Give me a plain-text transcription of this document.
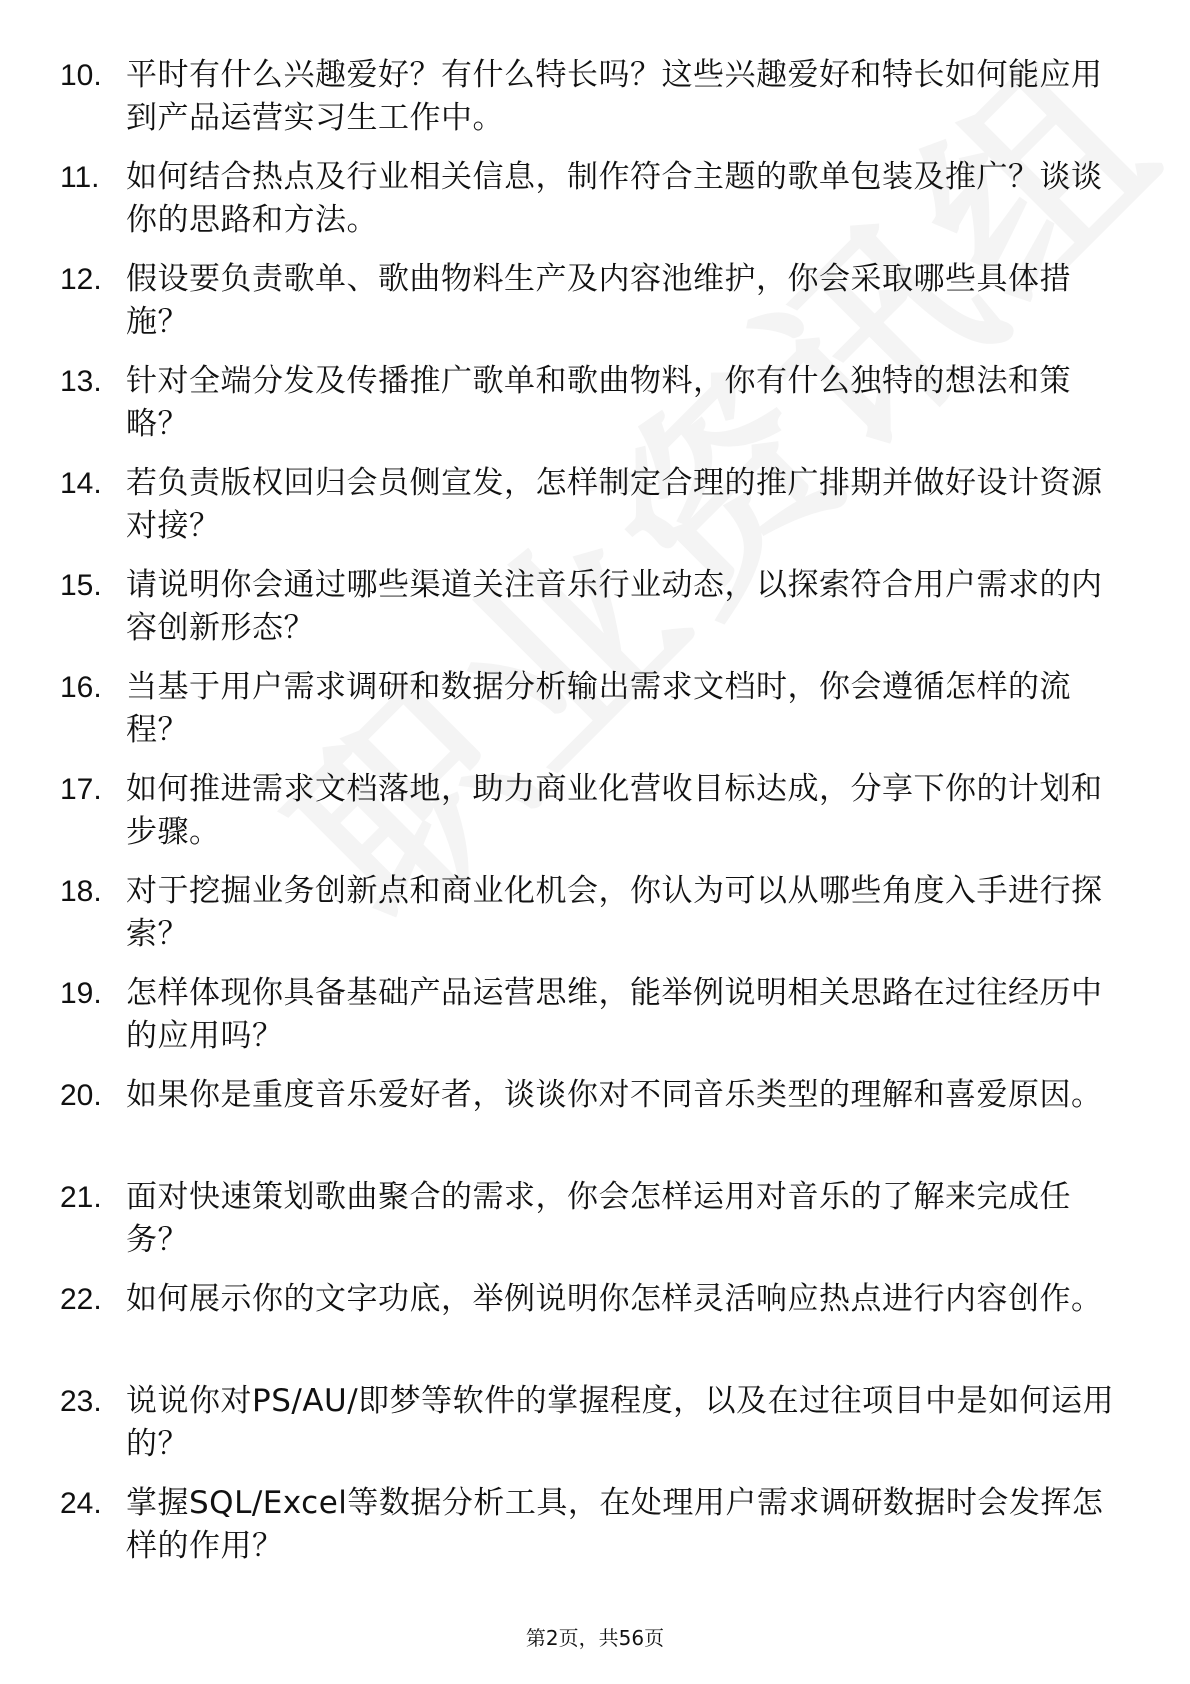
10. 平时有什么兴趣爱好？有什么特长吗？这些兴趣爱好和特长如何能应用到产品运营实习生工作中。
11. 如何结合热点及行业相关信息，制作符合主题的歌单包装及推广？谈谈你的思路和方法。
12. 假设要负责歌单、歌曲物料生产及内容池维护，你会采取哪些具体措施？
13. 针对全端分发及传播推广歌单和歌曲物料，你有什么独特的想法和策略？
14. 若负责版权回归会员侧宣发，怎样制定合理的推广排期并做好设计资源对接？
15. 请说明你会通过哪些渠道关注音乐行业动态，以探索符合用户需求的内容创新形态？
16. 当基于用户需求调研和数据分析输出需求文档时，你会遵循怎样的流程？
17. 如何推进需求文档落地，助力商业化营收目标达成，分享下你的计划和步骤。
18. 对于挖掘业务创新点和商业化机会，你认为可以从哪些角度入手进行探索？
19. 怎样体现你具备基础产品运营思维，能举例说明相关思路在过往经历中的应用吗？
20. 如果你是重度音乐爱好者，谈谈你对不同音乐类型的理解和喜爱原因。
21. 面对快速策划歌曲聚合的需求，你会怎样运用对音乐的了解来完成任务？
22. 如何展示你的文字功底，举例说明你怎样灵活响应热点进行内容创作。
23. 说说你对PS/AU/即梦等软件的掌握程度，以及在过往项目中是如何运用的？
24. 掌握SQL/Excel等数据分析工具，在处理用户需求调研数据时会发挥怎样的作用？
第2页，共56页
